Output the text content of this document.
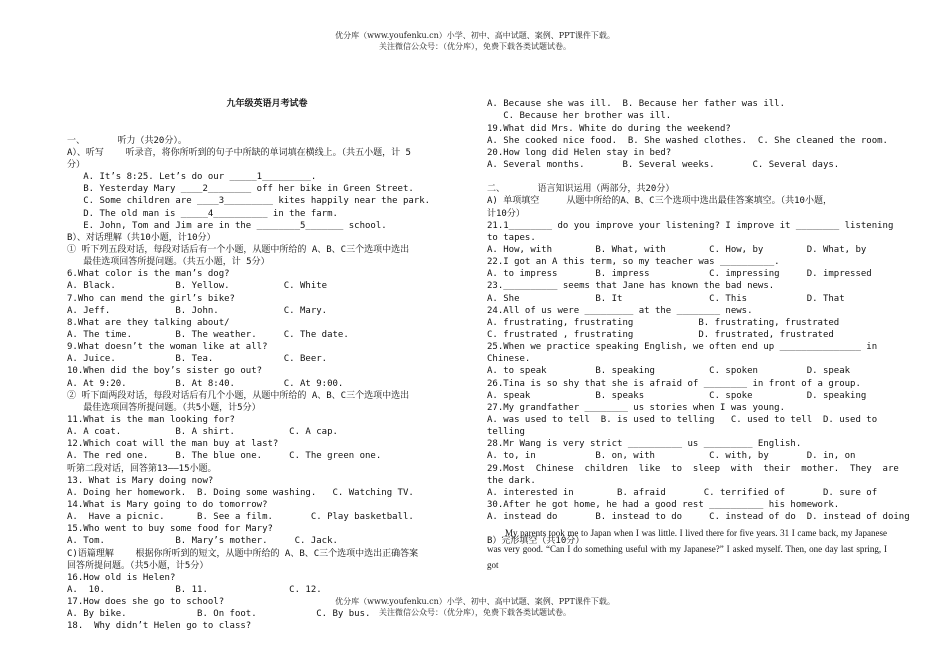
优分库（www.youfenku.cn）小学、初中、高中试题、案例、PPT课件下载。
关注微信公众号：（优分库），免费下载各类试题试卷。

九年级英语月考试卷

一、      听力（共20分）。
A）、听写    听录音，将你所听到的句子中所缺的单词填在横线上。（共五小题，计 5
分）
A. It’s 8:25. Let’s do our _____1_________.
B. Yesterday Mary ____2________ off her bike in Green Street.
C. Some children are ____3_________ kites happily near the park.
D. The old man is _____4__________ in the farm.
E. John, Tom and Jim are in the ________5_______ school.
B）、对话理解（共10小题，计10分）
① 听下列五段对话，每段对话后有一个小题，从题中所给的 A、B、C三个选项中选出
最佳选项回答所提问题。（共五小题，计 5分）
6.What color is the man’s dog?
A. Black.           B. Yellow.          C. White
7.Who can mend the girl’s bike?
A. Jeff.            B. John.            C. Mary.
8.What are they talking about/
A. The time.        B. The weather.     C. The date.
9.What doesn’t the woman like at all?
A. Juice.           B. Tea.             C. Beer.
10.When did the boy’s sister go out?
A. At 9:20.         B. At 8:40.         C. At 9:00.
② 听下面两段对话，每段对话后有几个小题，从题中所给的 A、B、C三个选项中选出
最佳选项回答所提问题。（共5小题，计5分）
11.What is the man looking for?
A. A coat.          B. A shirt.          C. A cap.
12.Which coat will the man buy at last?
A. The red one.     B. The blue one.     C. The green one.
听第二段对话，回答第13——15小题。
13. What is Mary doing now?
A. Doing her homework.  B. Doing some washing.   C. Watching TV.
14.What is Mary going to do tomorrow?
A.  Have a picnic.      B. See a film.       C. Play basketball.
15.Who went to buy some food for Mary?
A. Tom.             B. Mary’s mother.     C. Jack.
C)语篇理解    根据你所听到的短文，从题中所给的 A、B、C三个选项中选出正确答案
回答所提问题。（共5小题，计5分）
16.How old is Helen?
A.  10.             B. 11.               C. 12.
17.How does she go to school?
A. By bike.             B. On foot.           C. By bus.
18.  Why didn’t Helen go to class?

A. Because she was ill.  B. Because her father was ill.
C. Because her brother was ill.
19.What did Mrs. White do during the weekend?
A. She cooked nice food.  B. She washed clothes.  C. She cleaned the room.
20.How long did Helen stay in bed?
A. Several months.       B. Several weeks.       C. Several days.
二、      语言知识运用（两部分，共20分）
A) 单项填空     从题中所给的A、B、C三个选项中选出最佳答案填空。（共10小题，
计10分）
21.1________ do you improve your listening? I improve it ________ listening
to tapes.
A. How, with        B. What, with        C. How, by        D. What, by
22.I got an A this term, so my teacher was __________.
A. to impress       B. impress           C. impressing     D. impressed
23.__________ seems that Jane has known the bad news.
A. She              B. It                C. This           D. That
24.All of us were _________ at the ________ news.
A. frustrating, frustrating            B. frustrating, frustrated
C. frustrated , frustrating            D. frustrated, frustrated
25.When we practice speaking English, we often end up _______________ in
Chinese.
A. to speak         B. speaking          C. spoken         D. speak
26.Tina is so shy that she is afraid of ________ in front of a group.
A. speak            B. speaks            C. spoke          D. speaking
27.My grandfather ________ us stories when I was young.
A. was used to tell  B. is used to telling   C. used to tell  D. used to
telling
28.Mr Wang is very strict __________ us _________ English.
A. to, in           B. on, with          C. with, by       D. in, on
29.Most  Chinese  children  like  to  sleep  with  their  mother.  They  are
the dark.
A. interested in        B. afraid       C. terrified of       D. sure of
30.After he got home, he had a good rest __________ his homework.
A. instead do       B. instead to do     C. instead of do  D. instead of doing
B）完形填空（共10分）

My parents took me to Japan when I was little. I lived there for five years. 31 I came back, my Japanese was very good. “Can I do something useful with my Japanese?” I asked myself. Then, one day last spring, I got

优分库（www.youfenku.cn）小学、初中、高中试题、案例、PPT课件下载。
关注微信公众号：（优分库），免费下载各类试题试卷。
